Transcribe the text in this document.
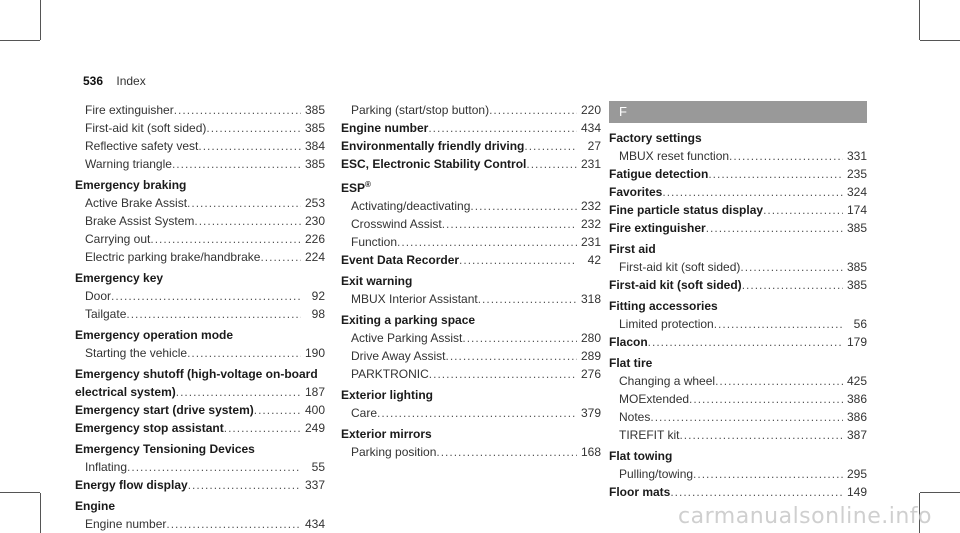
536 Index
Fire extinguisher .....	385
First-aid kit (soft sided) .....	385
Reflective safety vest .....	384
Warning triangle .....	385
Emergency braking
Active Brake Assist .....	253
Brake Assist System .....	230
Carrying out .....	226
Electric parking brake/handbrake .....	224
Emergency key
Door .....	92
Tailgate .....	98
Emergency operation mode
Starting the vehicle .....	190
Emergency shutoff (high-voltage on-board
electrical system) .....	187
Emergency start (drive system) .....	400
Emergency stop assistant .....	249
Emergency Tensioning Devices
Inflating .....	55
Energy flow display .....	337
Engine
Engine number .....	434
Parking (start/stop button) .....	220
Engine number .....	434
Environmentally friendly driving .....	27
ESC, Electronic Stability Control .....	231
ESP®
Activating/deactivating .....	232
Crosswind Assist .....	232
Function .....	231
Event Data Recorder .....	42
Exit warning
MBUX Interior Assistant .....	318
Exiting a parking space
Active Parking Assist .....	280
Drive Away Assist .....	289
PARKTRONIC .....	276
Exterior lighting
Care .....	379
Exterior mirrors
Parking position .....	168
F
Factory settings
MBUX reset function .....	331
Fatigue detection .....	235
Favorites .....	324
Fine particle status display .....	174
Fire extinguisher .....	385
First aid
First-aid kit (soft sided) .....	385
First-aid kit (soft sided) .....	385
Fitting accessories
Limited protection .....	56
Flacon .....	179
Flat tire
Changing a wheel .....	425
MOExtended .....	386
Notes .....	386
TIREFIT kit .....	387
Flat towing
Pulling/towing .....	295
Floor mats .....	149
carmanualsonline.info
